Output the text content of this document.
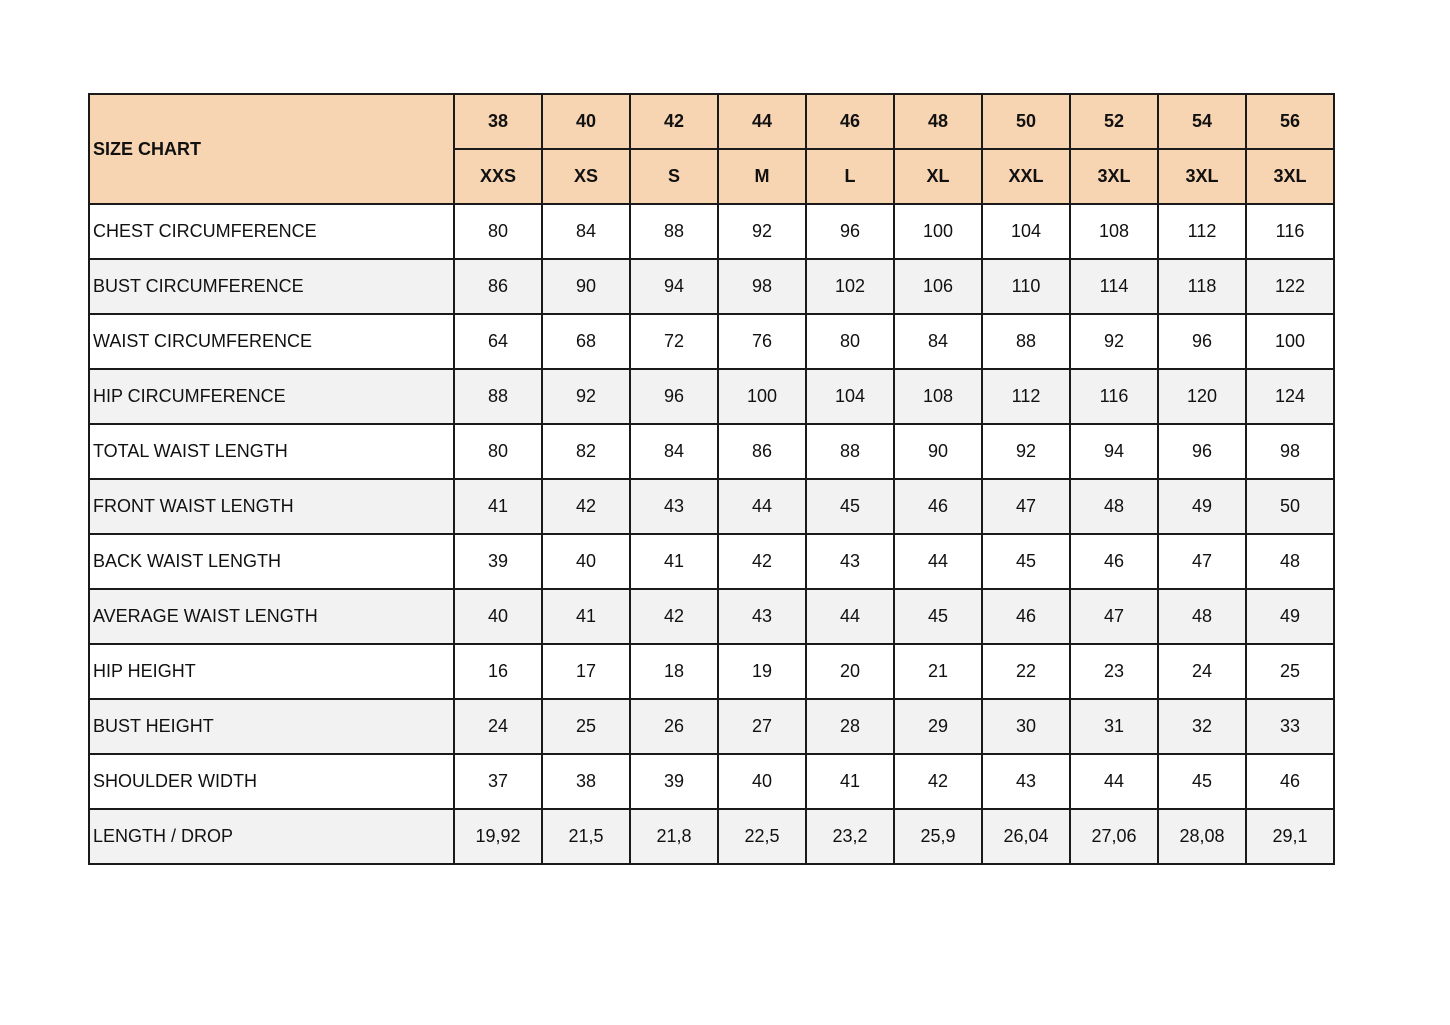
SIZE CHART	38	40	42	44	46	48	50	52	54	56
	XXS	XS	S	M	L	XL	XXL	3XL	3XL	3XL
CHEST CIRCUMFERENCE	80	84	88	92	96	100	104	108	112	116
BUST CIRCUMFERENCE	86	90	94	98	102	106	110	114	118	122
WAIST CIRCUMFERENCE	64	68	72	76	80	84	88	92	96	100
HIP CIRCUMFERENCE	88	92	96	100	104	108	112	116	120	124
TOTAL WAIST LENGTH	80	82	84	86	88	90	92	94	96	98
FRONT WAIST LENGTH	41	42	43	44	45	46	47	48	49	50
BACK WAIST LENGTH	39	40	41	42	43	44	45	46	47	48
AVERAGE WAIST LENGTH	40	41	42	43	44	45	46	47	48	49
HIP HEIGHT	16	17	18	19	20	21	22	23	24	25
BUST HEIGHT	24	25	26	27	28	29	30	31	32	33
SHOULDER WIDTH	37	38	39	40	41	42	43	44	45	46
LENGTH / DROP	19,92	21,5	21,8	22,5	23,2	25,9	26,04	27,06	28,08	29,1
